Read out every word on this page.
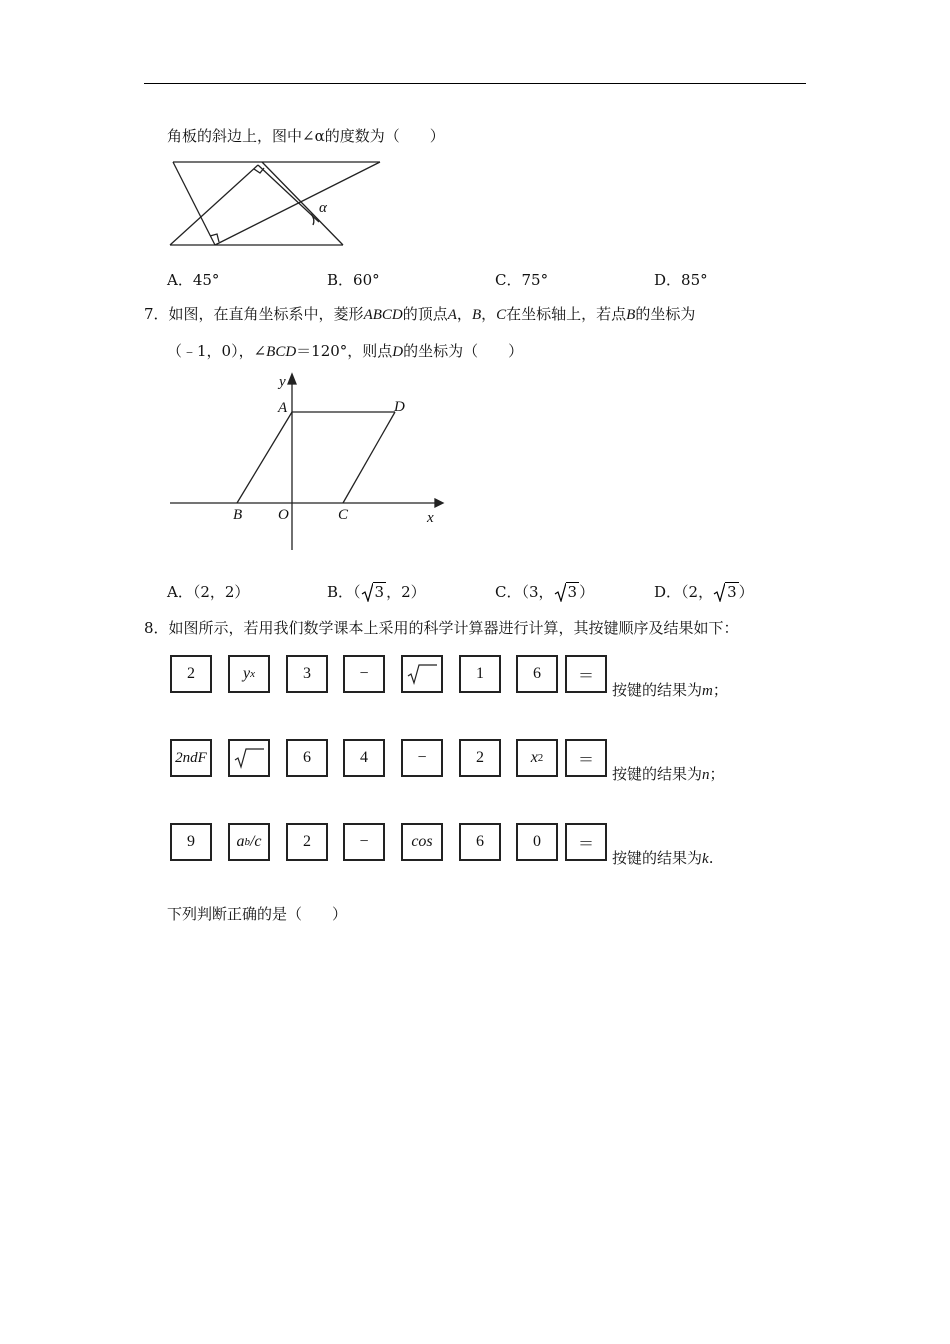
角板的斜边上，图中∠α的度数为（　　）
α
A．45°	B．60°	C．75°	D．85°
7．如图，在直角坐标系中，菱形ABCD的顶点A，B，C在坐标轴上，若点B的坐标为
（﹣1，0），∠BCD＝120°，则点D的坐标为（　　）
y
x
A	D
B O	C
A．（2，2）	B．（ 3 ，2）	C．（3， 3 ）	D．（2， 3 ）
8．如图所示，若用我们数学课本上采用的科学计算器进行计算，其按键顺序及结果如下：
2	y x	3	−	1	6 ＝
按键的结果为m；
2ndF	6	4	−	2	x 2 ＝
按键的结果为n；
9	a b /c	2	−	cos	6	0 ＝
按键的结果为k.
下列判断正确的是（　　）
